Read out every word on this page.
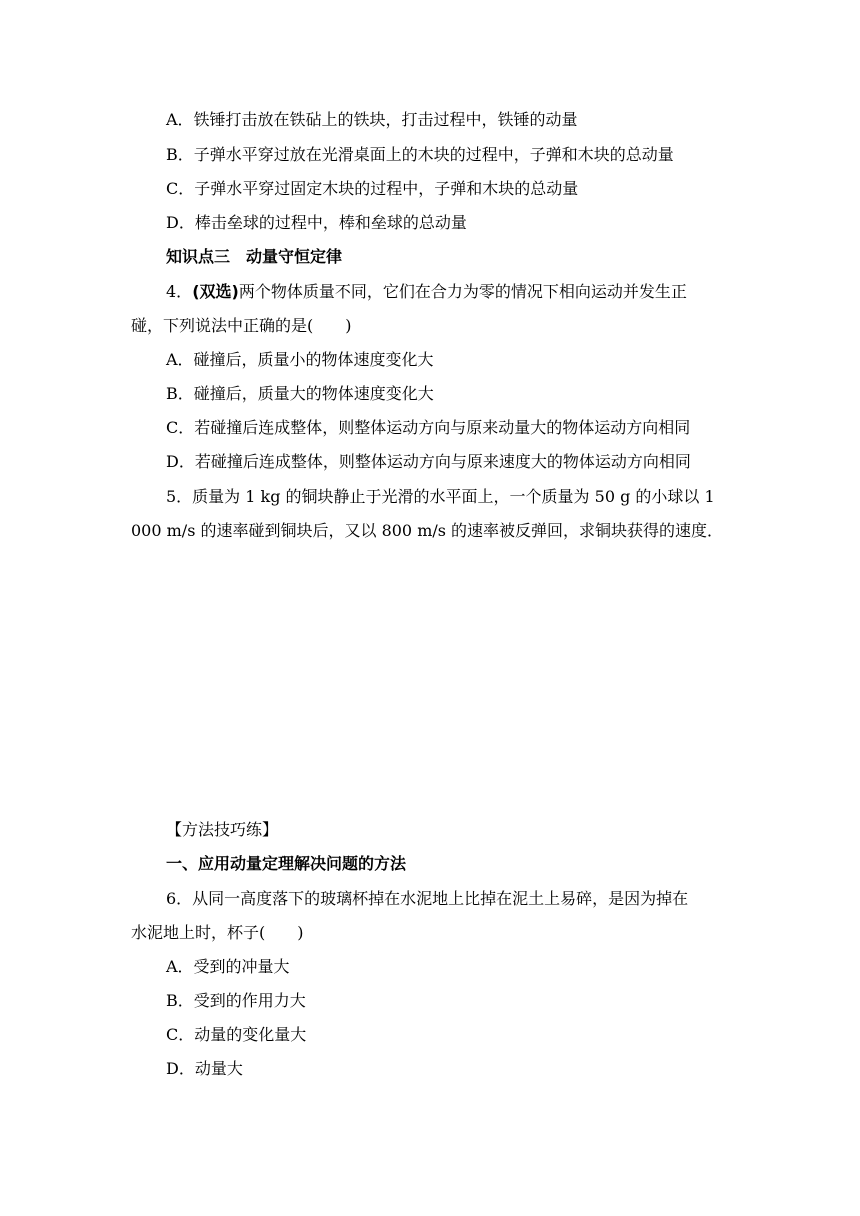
A．铁锤打击放在铁砧上的铁块，打击过程中，铁锤的动量
B．子弹水平穿过放在光滑桌面上的木块的过程中，子弹和木块的总动量
C．子弹水平穿过固定木块的过程中，子弹和木块的总动量
D．棒击垒球的过程中，棒和垒球的总动量
知识点三　动量守恒定律
4．(双选)两个物体质量不同，它们在合力为零的情况下相向运动并发生正
碰，下列说法中正确的是(　　)
A．碰撞后，质量小的物体速度变化大
B．碰撞后，质量大的物体速度变化大
C．若碰撞后连成整体，则整体运动方向与原来动量大的物体运动方向相同
D．若碰撞后连成整体，则整体运动方向与原来速度大的物体运动方向相同
5．质量为 1 kg 的铜块静止于光滑的水平面上，一个质量为 50 g 的小球以 1
000 m/s 的速率碰到铜块后，又以 800 m/s 的速率被反弹回，求铜块获得的速度．
【方法技巧练】
一、应用动量定理解决问题的方法
6．从同一高度落下的玻璃杯掉在水泥地上比掉在泥土上易碎，是因为掉在
水泥地上时，杯子(　　)
A．受到的冲量大
B．受到的作用力大
C．动量的变化量大
D．动量大
